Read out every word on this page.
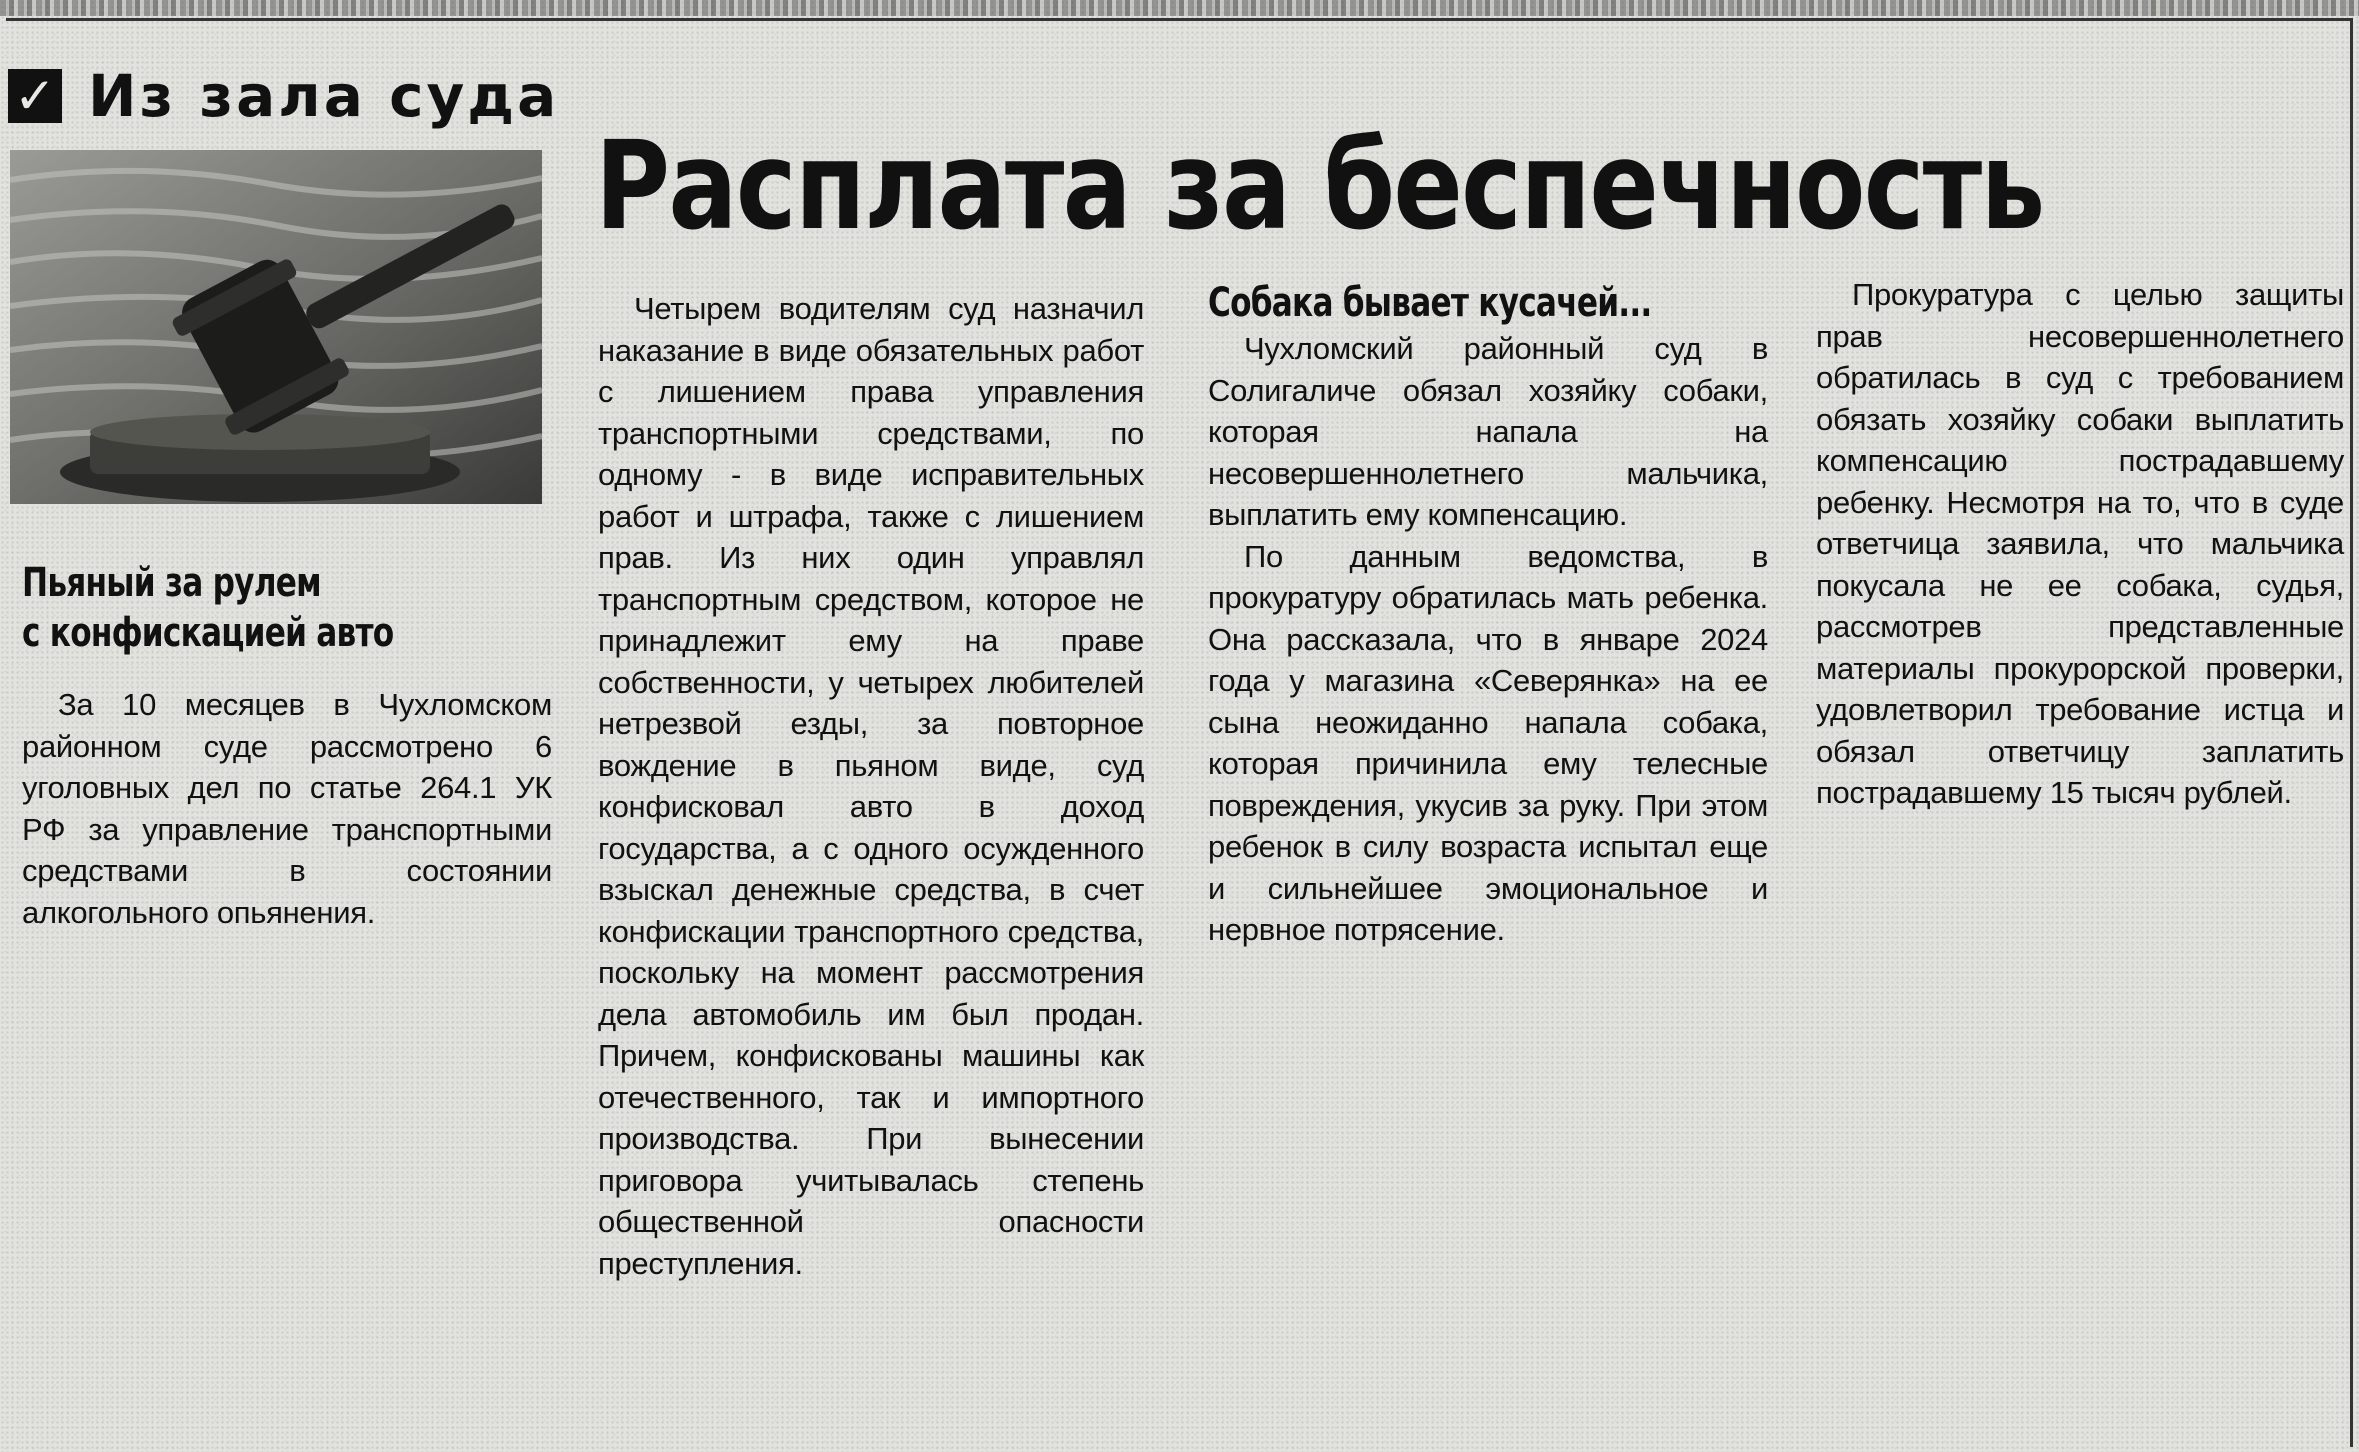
✓ Из зала суда
Расплата за беспечность
Пьяный за рулем
с конфискацией авто

За 10 месяцев в Чухломском районном суде рассмотрено 6 уголовных дел по статье 264.1 УК РФ за управление транспортными средствами в состоянии алкогольного опьянения.

Четырем водителям суд назначил наказание в виде обязательных работ с лишением права управления транспортными средствами, по одному - в виде исправительных работ и штрафа, также с лишением прав. Из них один управлял транспортным средством, которое не принадлежит ему на праве собственности, у четырех любителей нетрезвой езды, за повторное вождение в пьяном виде, суд конфисковал авто в доход государства, а с одного осужденного взыскал денежные средства, в счет конфискации транспортного средства, поскольку на момент рассмотрения дела автомобиль им был продан. Причем, конфискованы машины как отечественного, так и импортного производства. При вынесении приговора учитывалась степень общественной опасности преступления.

Собака бывает кусачей...

Чухломский районный суд в Солигаличе обязал хозяйку собаки, которая напала на несовершеннолетнего мальчика, выплатить ему компенсацию.

По данным ведомства, в прокуратуру обратилась мать ребенка. Она рассказала, что в январе 2024 года у магазина «Северянка» на ее сына неожиданно напала собака, которая причинила ему телесные повреждения, укусив за руку. При этом ребенок в силу возраста испытал еще и сильнейшее эмоциональное и нервное потрясение.

Прокуратура с целью защиты прав несовершеннолетнего обратилась в суд с требованием обязать хозяйку собаки выплатить компенсацию пострадавшему ребенку. Несмотря на то, что в суде ответчица заявила, что мальчика покусала не ее собака, судья, рассмотрев представленные материалы прокурорской проверки, удовлетворил требование истца и обязал ответчицу заплатить пострадавшему 15 тысяч рублей.
